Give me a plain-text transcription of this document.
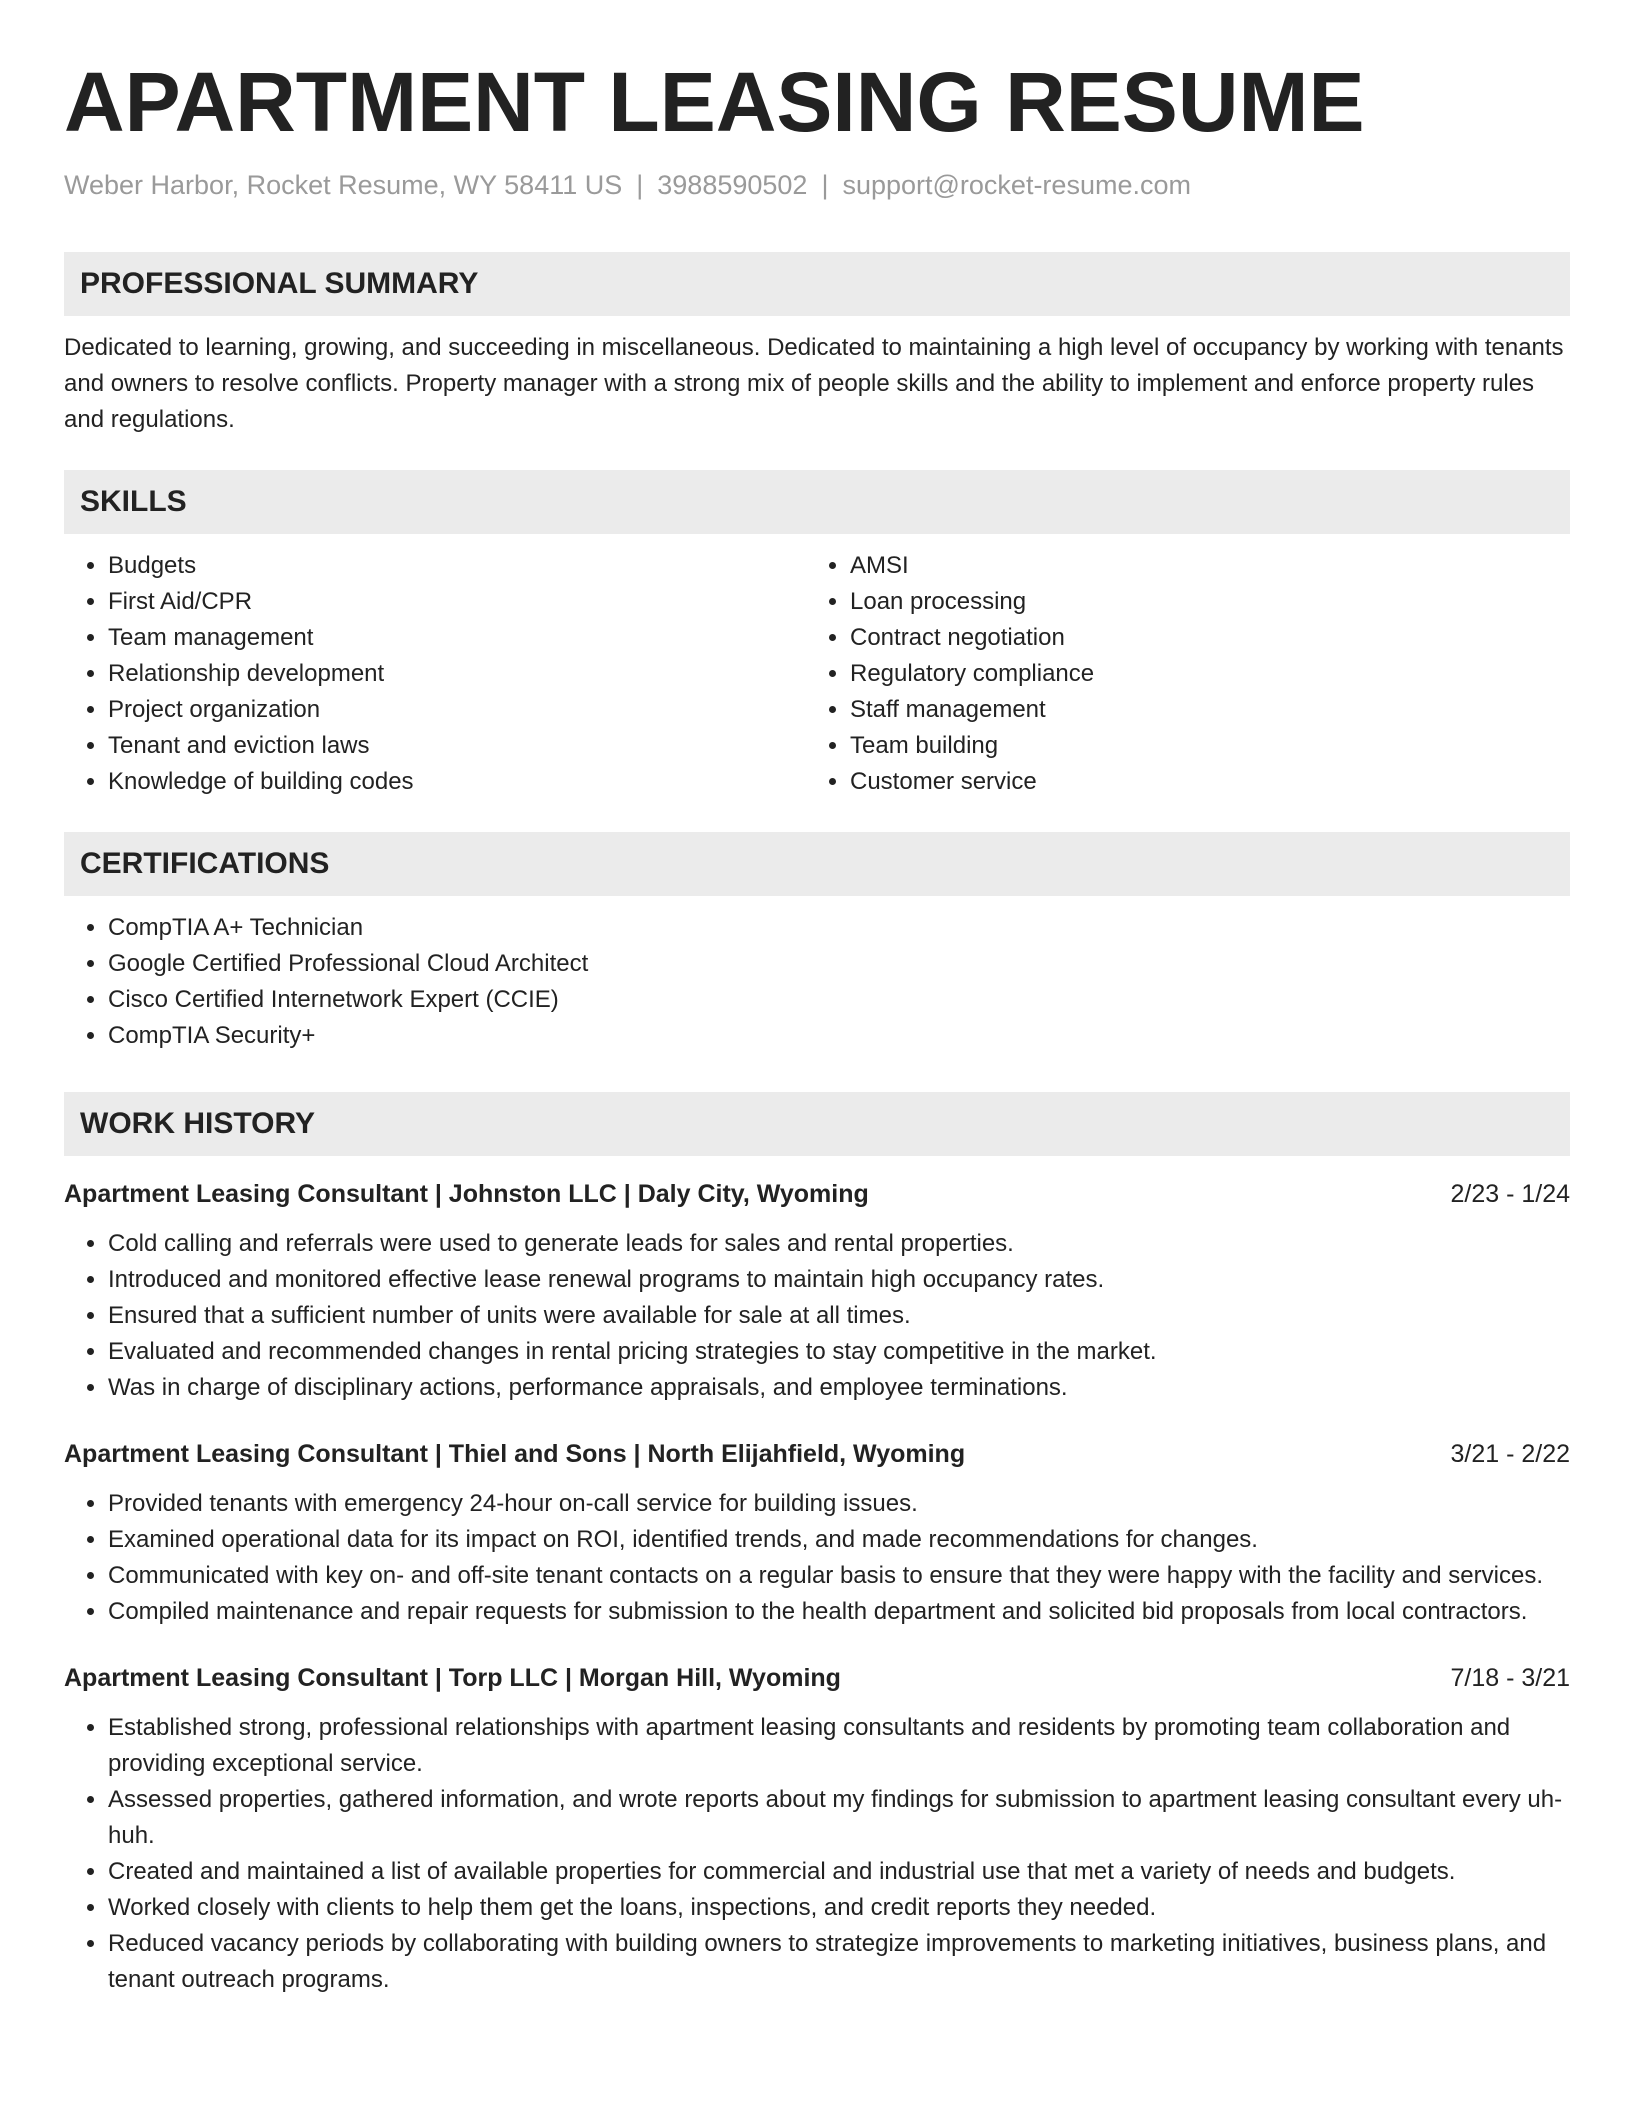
APARTMENT LEASING RESUME
Weber Harbor, Rocket Resume, WY 58411 US | 3988590502 | support@rocket-resume.com
PROFESSIONAL SUMMARY

Dedicated to learning, growing, and succeeding in miscellaneous. Dedicated to maintaining a high level of occupancy by working with tenants and owners to resolve conflicts. Property manager with a strong mix of people skills and the ability to implement and enforce property rules and regulations.

SKILLS
• Budgets
• First Aid/CPR
• Team management
• Relationship development
• Project organization
• Tenant and eviction laws
• Knowledge of building codes
• AMSI
• Loan processing
• Contract negotiation
• Regulatory compliance
• Staff management
• Team building
• Customer service
CERTIFICATIONS
• CompTIA A+ Technician
• Google Certified Professional Cloud Architect
• Cisco Certified Internetwork Expert (CCIE)
• CompTIA Security+
WORK HISTORY
Apartment Leasing Consultant | Johnston LLC | Daly City, Wyoming	2/23 - 1/24
• Cold calling and referrals were used to generate leads for sales and rental properties.
• Introduced and monitored effective lease renewal programs to maintain high occupancy rates.
• Ensured that a sufficient number of units were available for sale at all times.
• Evaluated and recommended changes in rental pricing strategies to stay competitive in the market.
• Was in charge of disciplinary actions, performance appraisals, and employee terminations.
Apartment Leasing Consultant | Thiel and Sons | North Elijahfield, Wyoming	3/21 - 2/22
• Provided tenants with emergency 24-hour on-call service for building issues.
• Examined operational data for its impact on ROI, identified trends, and made recommendations for changes.
• Communicated with key on- and off-site tenant contacts on a regular basis to ensure that they were happy with the facility and services.
• Compiled maintenance and repair requests for submission to the health department and solicited bid proposals from local contractors.
Apartment Leasing Consultant | Torp LLC | Morgan Hill, Wyoming	7/18 - 3/21
• Established strong, professional relationships with apartment leasing consultants and residents by promoting team collaboration and providing exceptional service.
• Assessed properties, gathered information, and wrote reports about my findings for submission to apartment leasing consultant every uh-huh.
• Created and maintained a list of available properties for commercial and industrial use that met a variety of needs and budgets.
• Worked closely with clients to help them get the loans, inspections, and credit reports they needed.
• Reduced vacancy periods by collaborating with building owners to strategize improvements to marketing initiatives, business plans, and tenant outreach programs.
